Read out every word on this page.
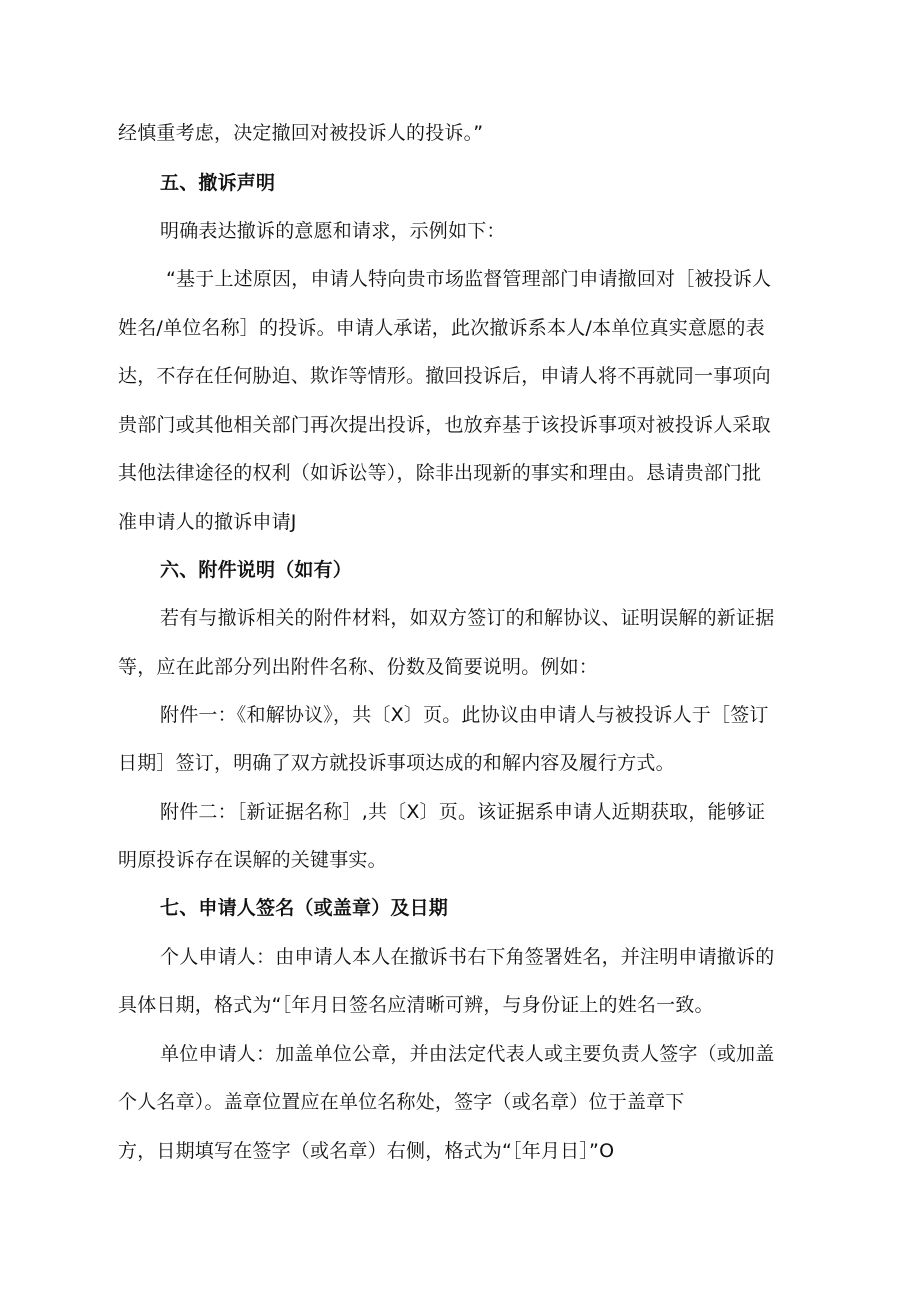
经慎重考虑，决定撤回对被投诉人的投诉。”
五、撤诉声明
明确表达撤诉的意愿和请求，示例如下：
“基于上述原因，申请人特向贵市场监督管理部门申请撤回对［被投诉人
姓名/单位名称］的投诉。申请人承诺，此次撤诉系本人/本单位真实意愿的表
达，不存在任何胁迫、欺诈等情形。撤回投诉后，申请人将不再就同一事项向
贵部门或其他相关部门再次提出投诉，也放弃基于该投诉事项对被投诉人采取
其他法律途径的权利（如诉讼等），除非出现新的事实和理由。恳请贵部门批
准申请人的撤诉申请J
六、附件说明（如有）
若有与撤诉相关的附件材料，如双方签订的和解协议、证明误解的新证据
等，应在此部分列出附件名称、份数及简要说明。例如：
附件一：《和解协议》，共〔X〕页。此协议由申请人与被投诉人于［签订
日期］签订，明确了双方就投诉事项达成的和解内容及履行方式。
附件二：［新证据名称］,共〔X〕页。该证据系申请人近期获取，能够证
明原投诉存在误解的关键事实。
七、申请人签名（或盖章）及日期
个人申请人：由申请人本人在撤诉书右下角签署姓名，并注明申请撤诉的
具体日期，格式为“［年月日签名应清晰可辨，与身份证上的姓名一致。
单位申请人：加盖单位公章，并由法定代表人或主要负责人签字（或加盖
个人名章）。盖章位置应在单位名称处，签字（或名章）位于盖章下
方，日期填写在签字（或名章）右侧，格式为“［年月日］”O
